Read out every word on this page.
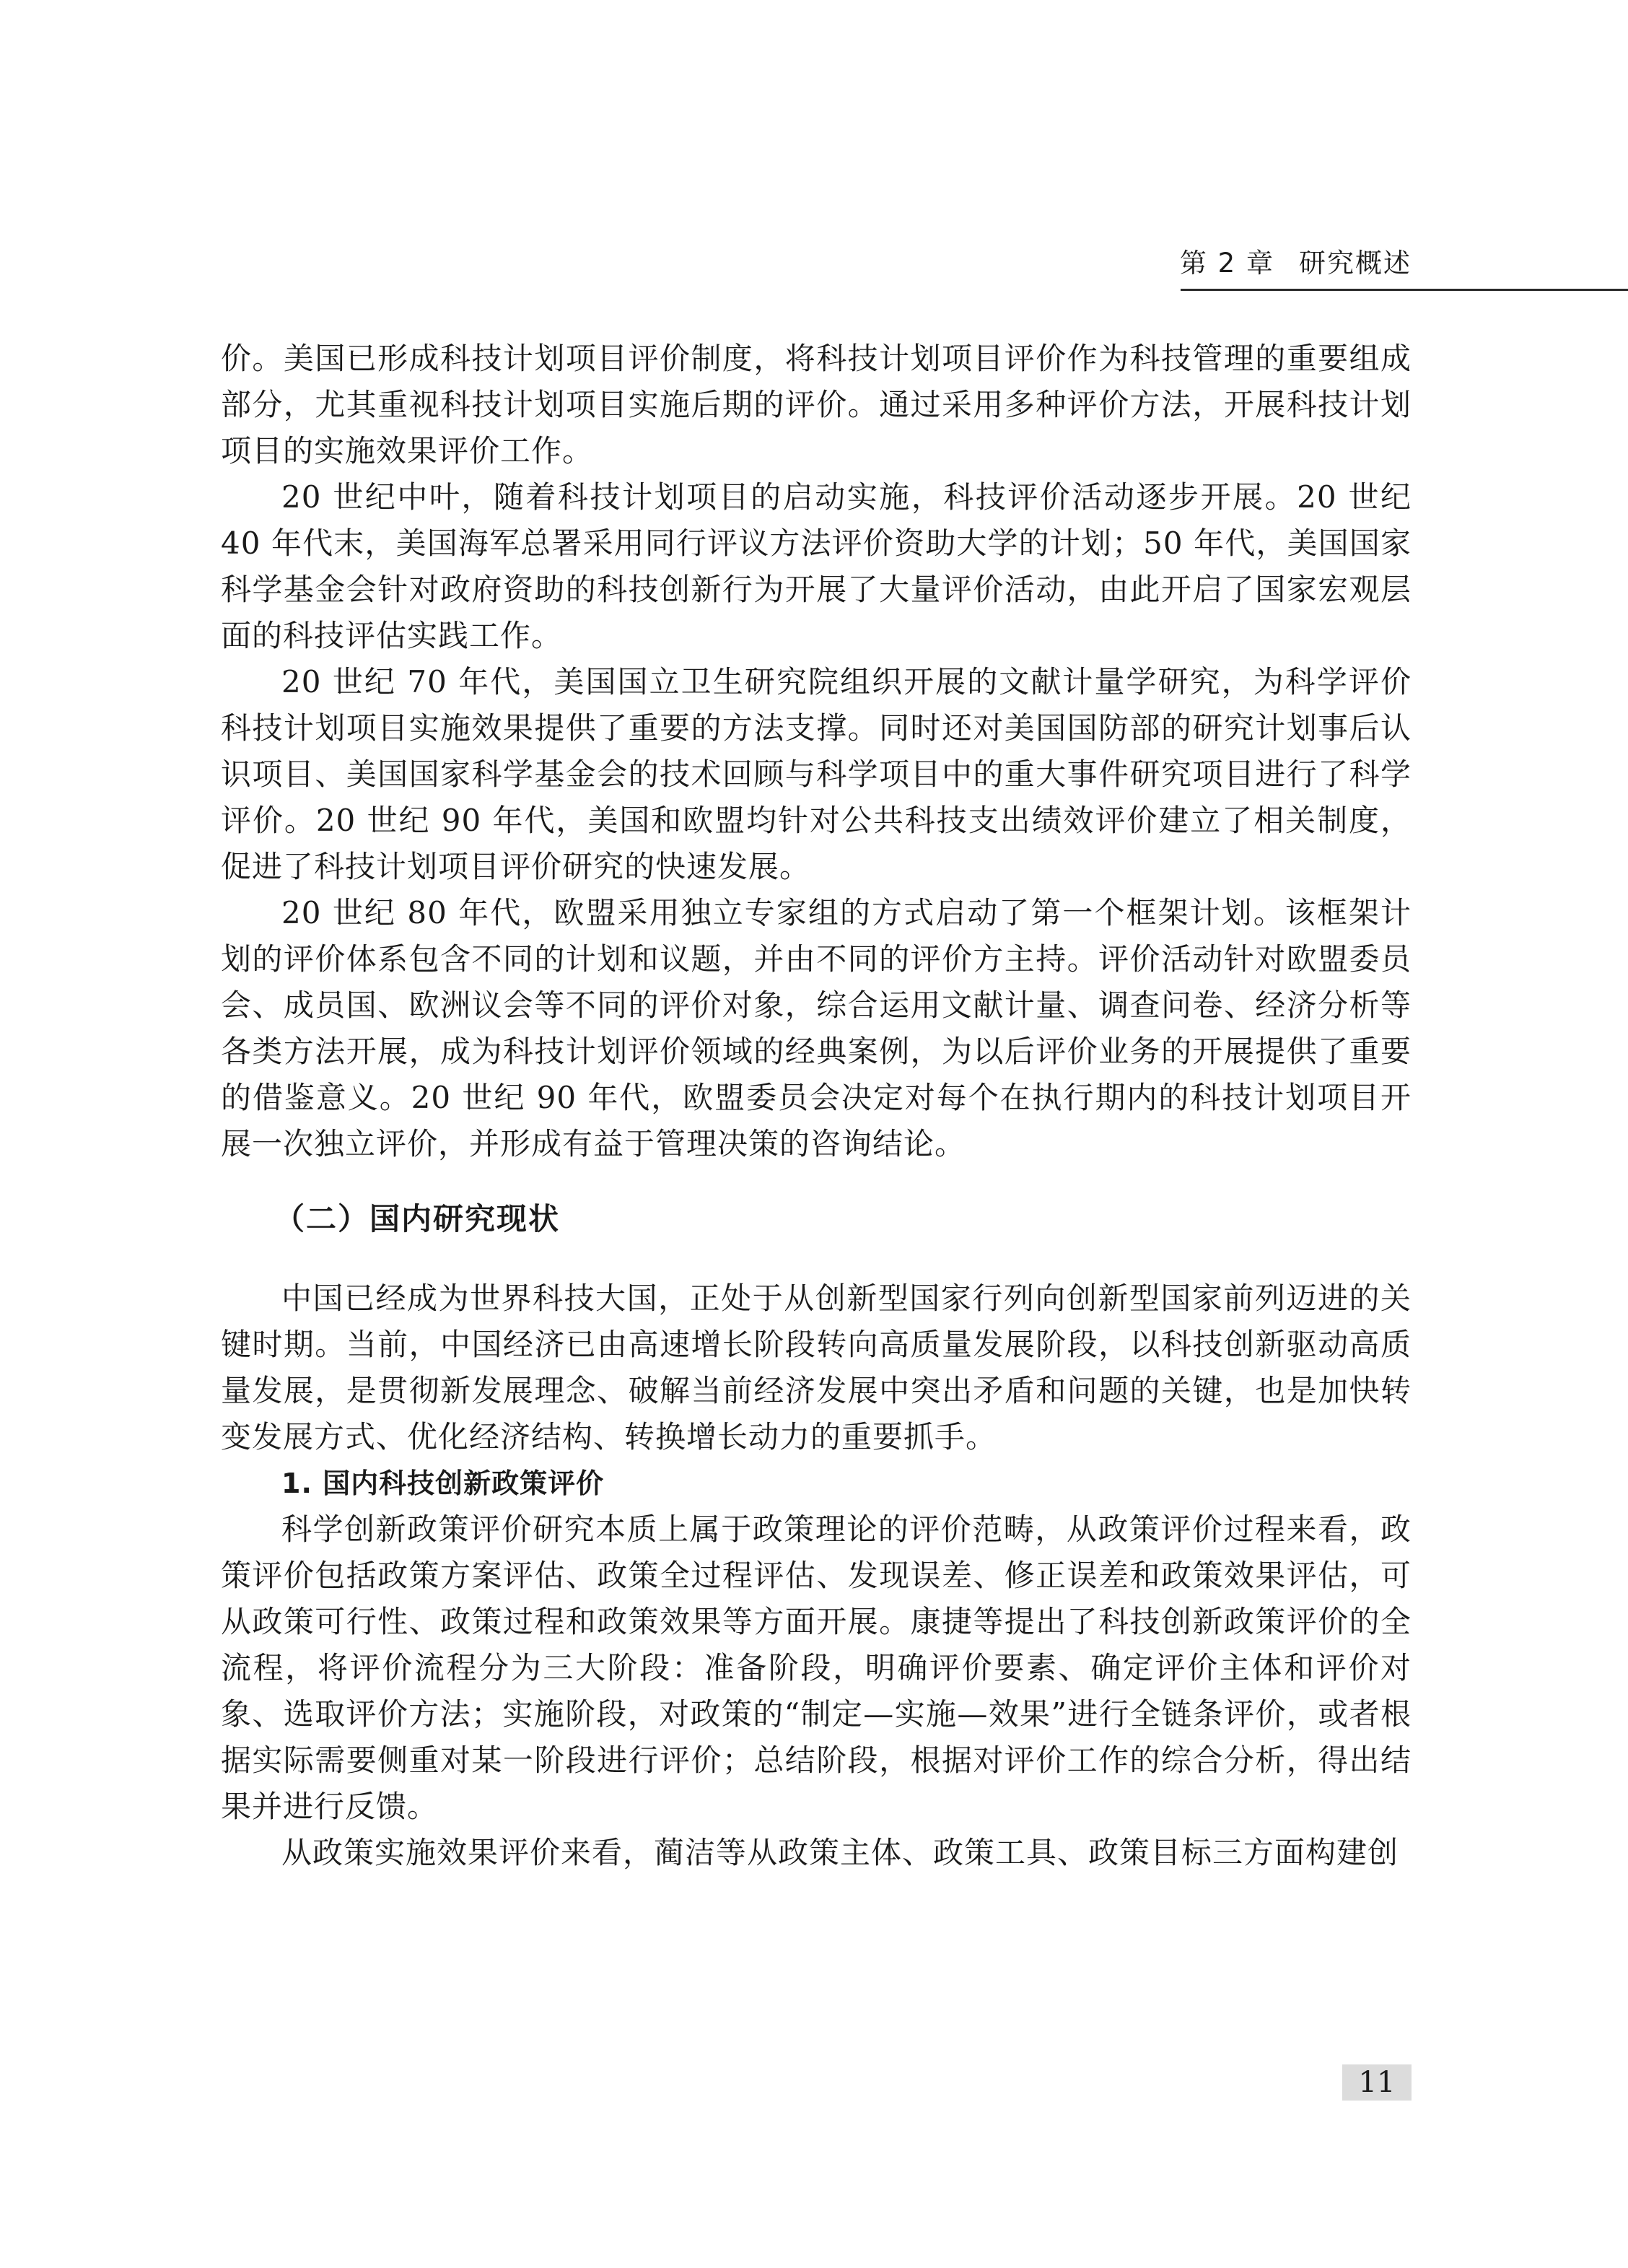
第 2 章 研究概述

价。美国已形成科技计划项目评价制度，将科技计划项目评价作为科技管理的重要组成部分，尤其重视科技计划项目实施后期的评价。通过采用多种评价方法，开展科技计划项目的实施效果评价工作。

20 世纪中叶，随着科技计划项目的启动实施，科技评价活动逐步开展。20 世纪 40 年代末，美国海军总署采用同行评议方法评价资助大学的计划；50 年代，美国国家科学基金会针对政府资助的科技创新行为开展了大量评价活动，由此开启了国家宏观层面的科技评估实践工作。

20 世纪 70 年代，美国国立卫生研究院组织开展的文献计量学研究，为科学评价科技计划项目实施效果提供了重要的方法支撑。同时还对美国国防部的研究计划事后认识项目、美国国家科学基金会的技术回顾与科学项目中的重大事件研究项目进行了科学评价。20 世纪 90 年代，美国和欧盟均针对公共科技支出绩效评价建立了相关制度，促进了科技计划项目评价研究的快速发展。

20 世纪 80 年代，欧盟采用独立专家组的方式启动了第一个框架计划。该框架计划的评价体系包含不同的计划和议题，并由不同的评价方主持。评价活动针对欧盟委员会、成员国、欧洲议会等不同的评价对象，综合运用文献计量、调查问卷、经济分析等各类方法开展，成为科技计划评价领域的经典案例，为以后评价业务的开展提供了重要的借鉴意义。20 世纪 90 年代，欧盟委员会决定对每个在执行期内的科技计划项目开展一次独立评价，并形成有益于管理决策的咨询结论。

（二）国内研究现状

中国已经成为世界科技大国，正处于从创新型国家行列向创新型国家前列迈进的关键时期。当前，中国经济已由高速增长阶段转向高质量发展阶段，以科技创新驱动高质量发展，是贯彻新发展理念、破解当前经济发展中突出矛盾和问题的关键，也是加快转变发展方式、优化经济结构、转换增长动力的重要抓手。

1. 国内科技创新政策评价

科学创新政策评价研究本质上属于政策理论的评价范畴，从政策评价过程来看，政策评价包括政策方案评估、政策全过程评估、发现误差、修正误差和政策效果评估，可从政策可行性、政策过程和政策效果等方面开展。康捷等提出了科技创新政策评价的全流程，将评价流程分为三大阶段：准备阶段，明确评价要素、确定评价主体和评价对象、选取评价方法；实施阶段，对政策的“制定—实施—效果”进行全链条评价，或者根据实际需要侧重对某一阶段进行评价；总结阶段，根据对评价工作的综合分析，得出结果并进行反馈。

从政策实施效果评价来看，蔺洁等从政策主体、政策工具、政策目标三方面构建创

11
